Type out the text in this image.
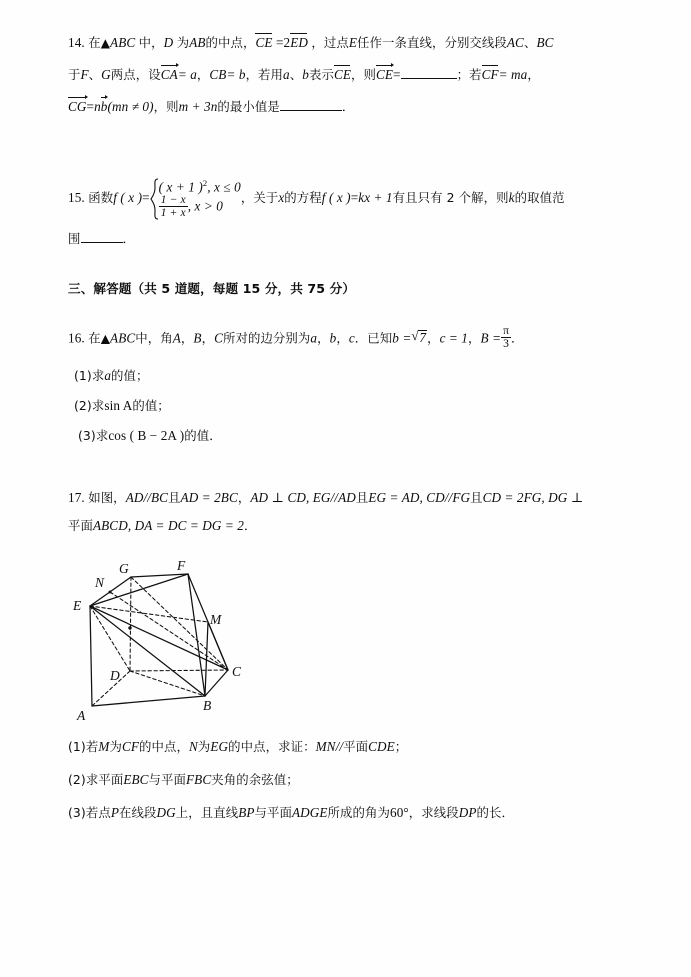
14. 在▲ABC 中，D 为AB的中点，CE =2ED ，过点E任作一条直线，分别交线段AC、BC
于F、G两点，设CA= a，CB= b，若用a、b表示CE，则CE=	；若CF= ma，
CG=nb(mn ≠ 0)，则m + 3n的最小值是	．
15. 函数f ( x )=
( x + 1 )$^2$, x ≤ 0
$\frac{1 - x}{1 + x}$ , x > 0
，关于x的方程f ( x )=kx + 1有且只有 2 个解，则k的取值范
围	．
三、解答题（共 5 道题，每题 15 分，共 75 分）
16. 在▲ABC中，角A，B，C所对的边分别为a，b，c．已知b = √ 7，c = 1，$B = \frac{\pi}{3}$ ．
(1)求a的值；
(2)求sin A的值；
(3)求cos ( B − 2A )的值．
17. 如图，AD//BC且AD = 2BC，AD ⊥ CD, EG//AD且EG = AD, CD//FG且CD = 2FG, DG ⊥
平面ABCD, DA = DC = DG = 2．
G	F
N
E
M
D	C
B
A
(1)若M为CF的中点，N为EG的中点，求证：MN//平面CDE；
(2)求平面EBC与平面FBC夹角的余弦值；
(3)若点P在线段DG上，且直线BP与平面ADGE所成的角为60°，求线段DP的长．
